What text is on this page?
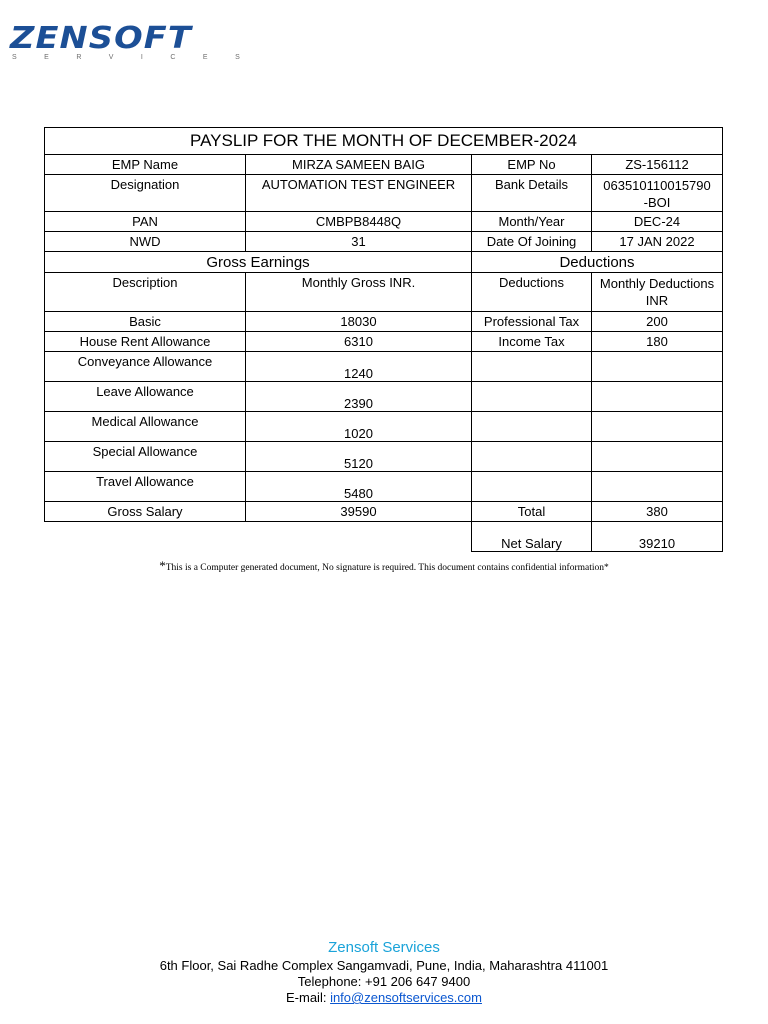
ZENSOFT
SERVICES
PAYSLIP FOR THE MONTH OF DECEMBER-2024			
EMP Name	MIRZA SAMEEN BAIG	EMP No	ZS-156112
Designation	AUTOMATION TEST ENGINEER	Bank Details	063510110015790
-BOI

PAN	CMBPB8448Q	Month/Year	DEC-24
NWD	31	Date Of Joining	17 JAN 2022
Gross Earnings		Deductions	
Description	Monthly Gross INR.	Deductions	Monthly Deductions
INR

Basic	18030	Professional Tax	200
House Rent Allowance	6310	Income Tax	180
Conveyance Allowance	1240		
Leave Allowance	2390		
Medical Allowance	1020		
Special Allowance	5120		
Travel Allowance	5480		
Gross Salary	39590	Total	380
		Net Salary	39210
*This is a Computer generated document, No signature is required. This document contains confidential information*
Zensoft Services
6th Floor, Sai Radhe Complex Sangamvadi, Pune, India, Maharashtra 411001
Telephone: +91 206 647 9400
E-mail: info@zensoftservices.com
